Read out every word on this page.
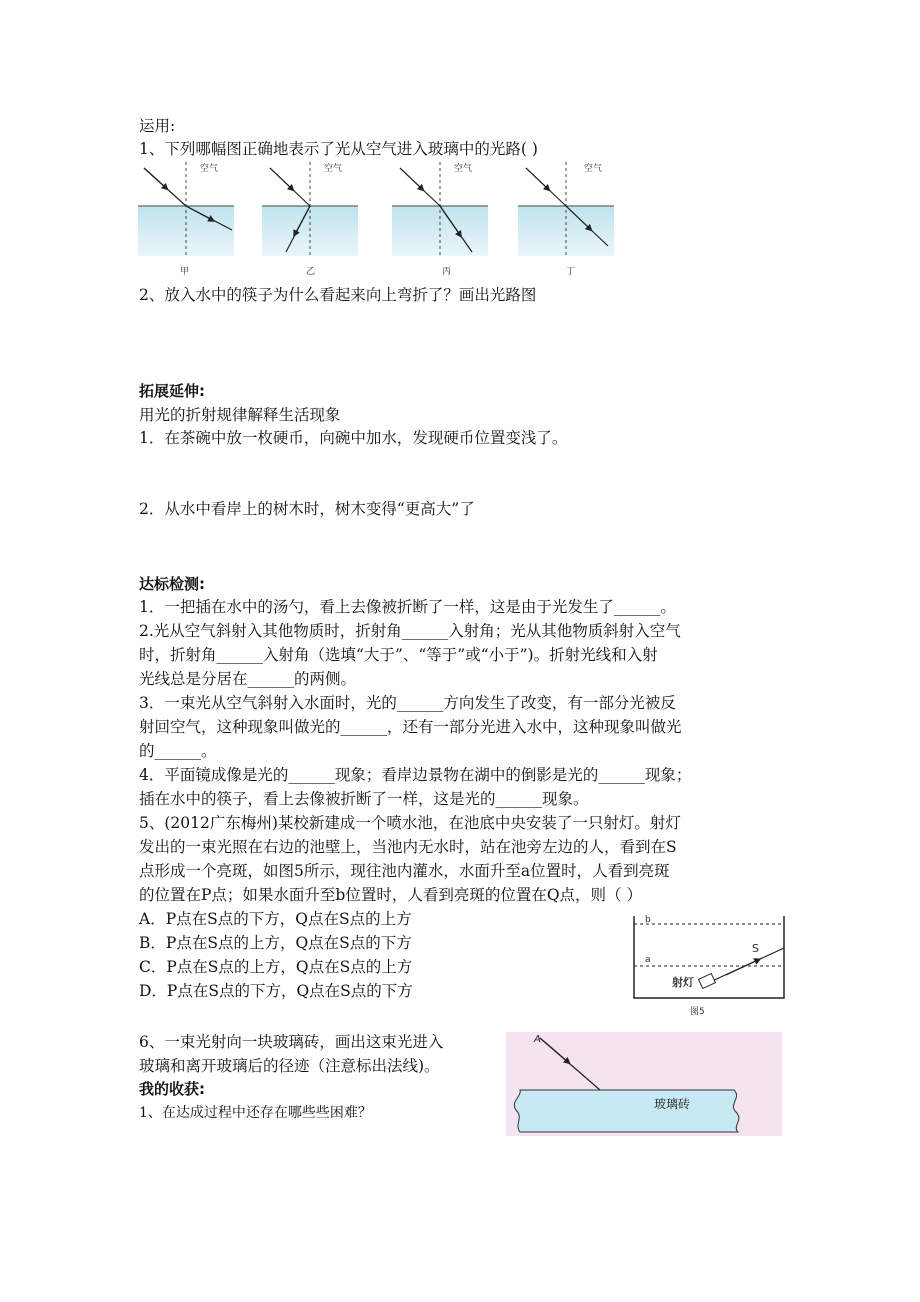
运用:
1、下列哪幅图正确地表示了光从空气进入玻璃中的光路( )
空气
甲
空气
乙
空气
丙
空气
丁
2、放入水中的筷子为什么看起来向上弯折了？画出光路图
拓展延伸:
用光的折射规律解释生活现象
1．在茶碗中放一枚硬币，向碗中加水，发现硬币位置变浅了。
2．从水中看岸上的树木时，树木变得“更高大”了
达标检测:
1．一把插在水中的汤勺，看上去像被折断了一样，这是由于光发生了______。
2.光从空气斜射入其他物质时，折射角______入射角；光从其他物质斜射入空气
时，折射角______入射角（选填“大于”、“等于”或“小于”)。折射光线和入射
光线总是分居在______的两侧。
3．一束光从空气斜射入水面时，光的______方向发生了改变，有一部分光被反
射回空气，这种现象叫做光的______，还有一部分光进入水中，这种现象叫做光
的______。
4．平面镜成像是光的______现象；看岸边景物在湖中的倒影是光的______现象；
插在水中的筷子，看上去像被折断了一样，这是光的______现象。
5、(2012广东梅州)某校新建成一个喷水池，在池底中央安装了一只射灯。射灯
发出的一束光照在右边的池壁上，当池内无水时，站在池旁左边的人，看到在S
点形成一个亮斑，如图5所示，现往池内灌水，水面升至a位置时，人看到亮斑
的位置在P点；如果水面升至b位置时，人看到亮斑的位置在Q点，则（ ）
A．P点在S点的下方，Q点在S点的上方
B．P点在S点的上方，Q点在S点的下方
C．P点在S点的上方，Q点在S点的上方
D．P点在S点的下方，Q点在S点的下方
b
a
S
射灯
图5
6、一束光射向一块玻璃砖，画出这束光进入
玻璃和离开玻璃后的径迹（注意标出法线)。
A
玻璃砖
我的收获:
1、在达成过程中还存在哪些些困难？
